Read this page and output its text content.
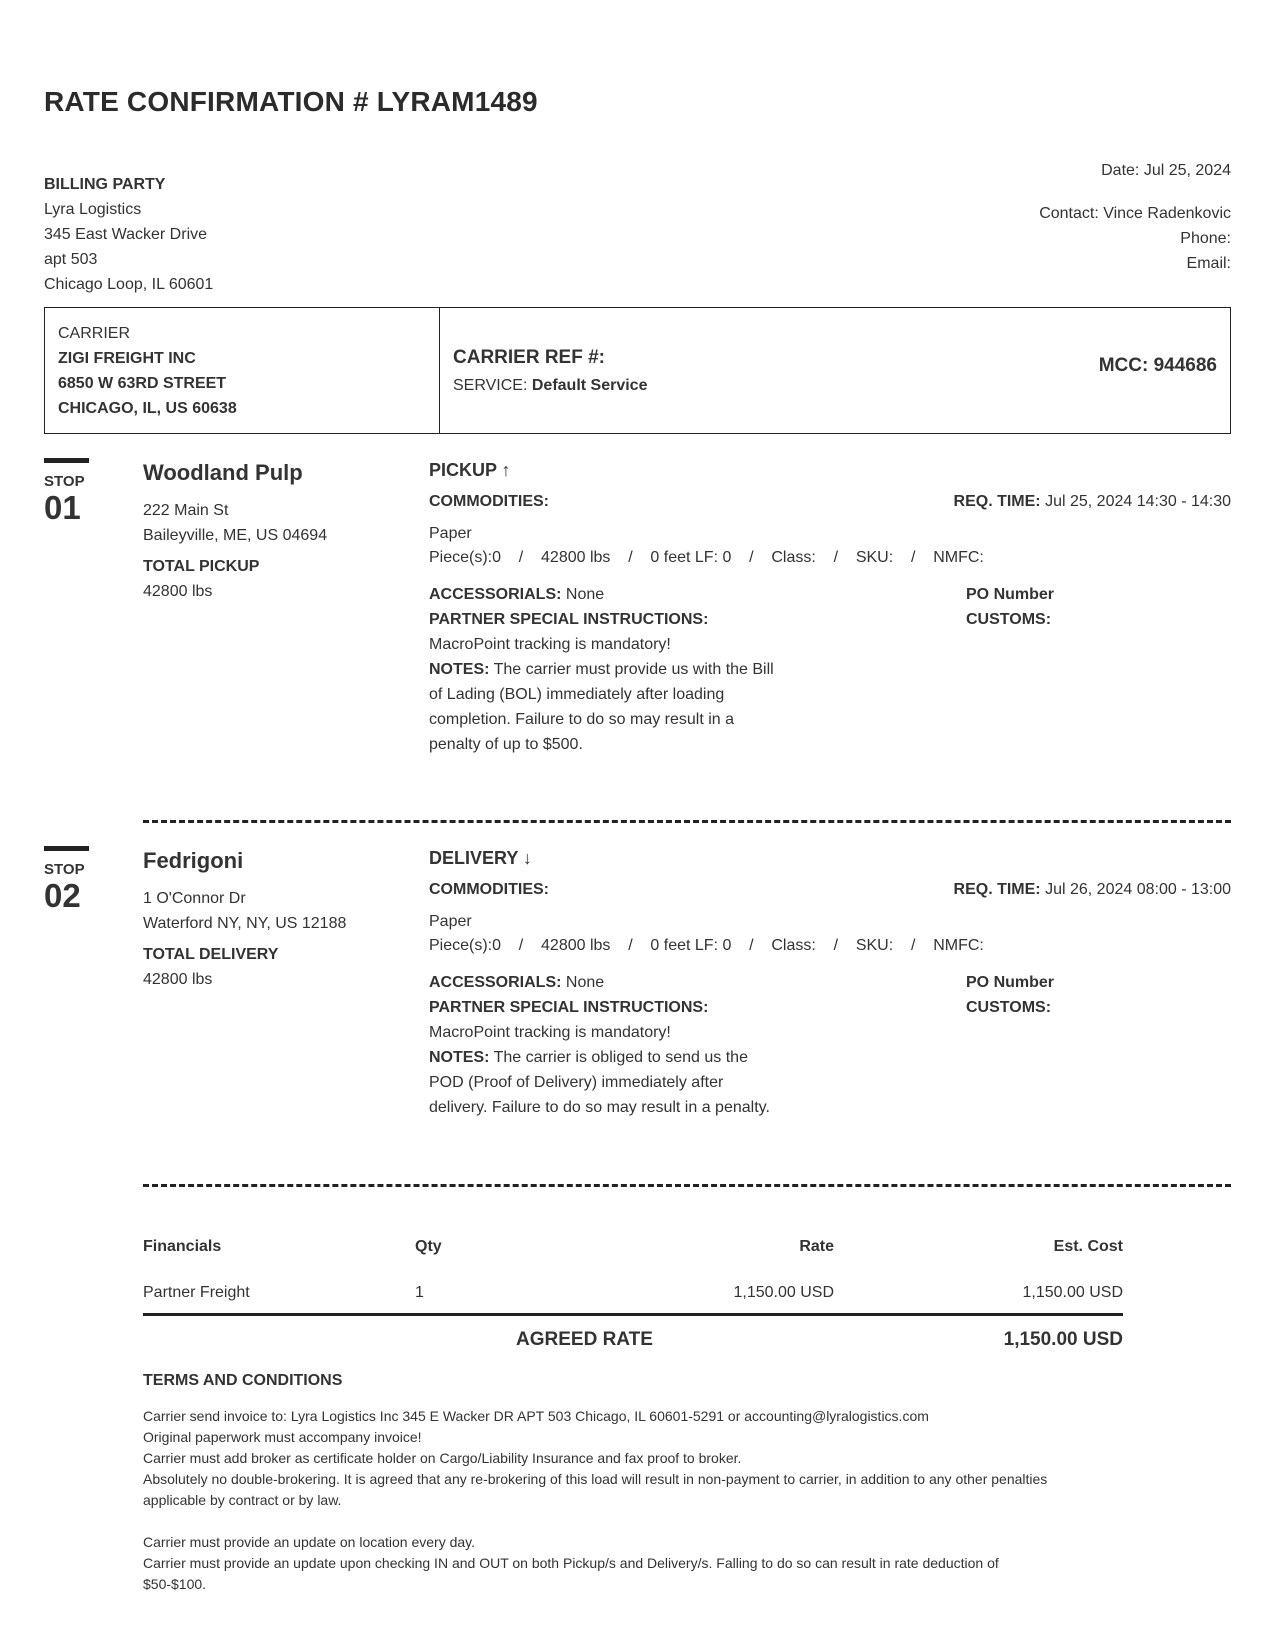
RATE CONFIRMATION # LYRAM1489
BILLING PARTY
Lyra Logistics
345 East Wacker Drive
apt 503
Chicago Loop, IL 60601
Date: Jul 25, 2024
Contact: Vince Radenkovic
Phone:
Email:
CARRIER
ZIGI FREIGHT INC
6850 W 63RD STREET
CHICAGO, IL, US 60638
CARRIER REF #:
SERVICE: Default Service
MCC: 944686
STOP
01
Woodland Pulp
222 Main St
Baileyville, ME, US 04694
TOTAL PICKUP
42800 lbs
PICKUP ↑
COMMODITIES:	REQ. TIME: Jul 25, 2024 14:30 - 14:30
Paper
Piece(s):0    /    42800 lbs    /    0 feet LF: 0    /    Class:    /    SKU:    /    NMFC:
ACCESSORIALS: None	PO Number
PARTNER SPECIAL INSTRUCTIONS:	CUSTOMS:
MacroPoint tracking is mandatory!
NOTES: The carrier must provide us with the Bill
of Lading (BOL) immediately after loading
completion. Failure to do so may result in a
penalty of up to $500.
STOP
02
Fedrigoni
1 O'Connor Dr
Waterford NY, NY, US 12188
TOTAL DELIVERY
42800 lbs
DELIVERY ↓
COMMODITIES:	REQ. TIME: Jul 26, 2024 08:00 - 13:00
Paper
Piece(s):0    /    42800 lbs    /    0 feet LF: 0    /    Class:    /    SKU:    /    NMFC:
ACCESSORIALS: None	PO Number
PARTNER SPECIAL INSTRUCTIONS:	CUSTOMS:
MacroPoint tracking is mandatory!
NOTES: The carrier is obliged to send us the
POD (Proof of Delivery) immediately after
delivery. Failure to do so may result in a penalty.
Financials	Qty	Rate	Est. Cost
Partner Freight	1	1,150.00 USD	1,150.00 USD
AGREED RATE	1,150.00 USD
TERMS AND CONDITIONS
Carrier send invoice to: Lyra Logistics Inc 345 E Wacker DR APT 503 Chicago, IL 60601-5291 or accounting@lyralogistics.com
Original paperwork must accompany invoice!
Carrier must add broker as certificate holder on Cargo/Liability Insurance and fax proof to broker.
Absolutely no double-brokering. It is agreed that any re-brokering of this load will result in non-payment to carrier, in addition to any other penalties
applicable by contract or by law.
Carrier must provide an update on location every day.
Carrier must provide an update upon checking IN and OUT on both Pickup/s and Delivery/s. Falling to do so can result in rate deduction of
$50-$100.
